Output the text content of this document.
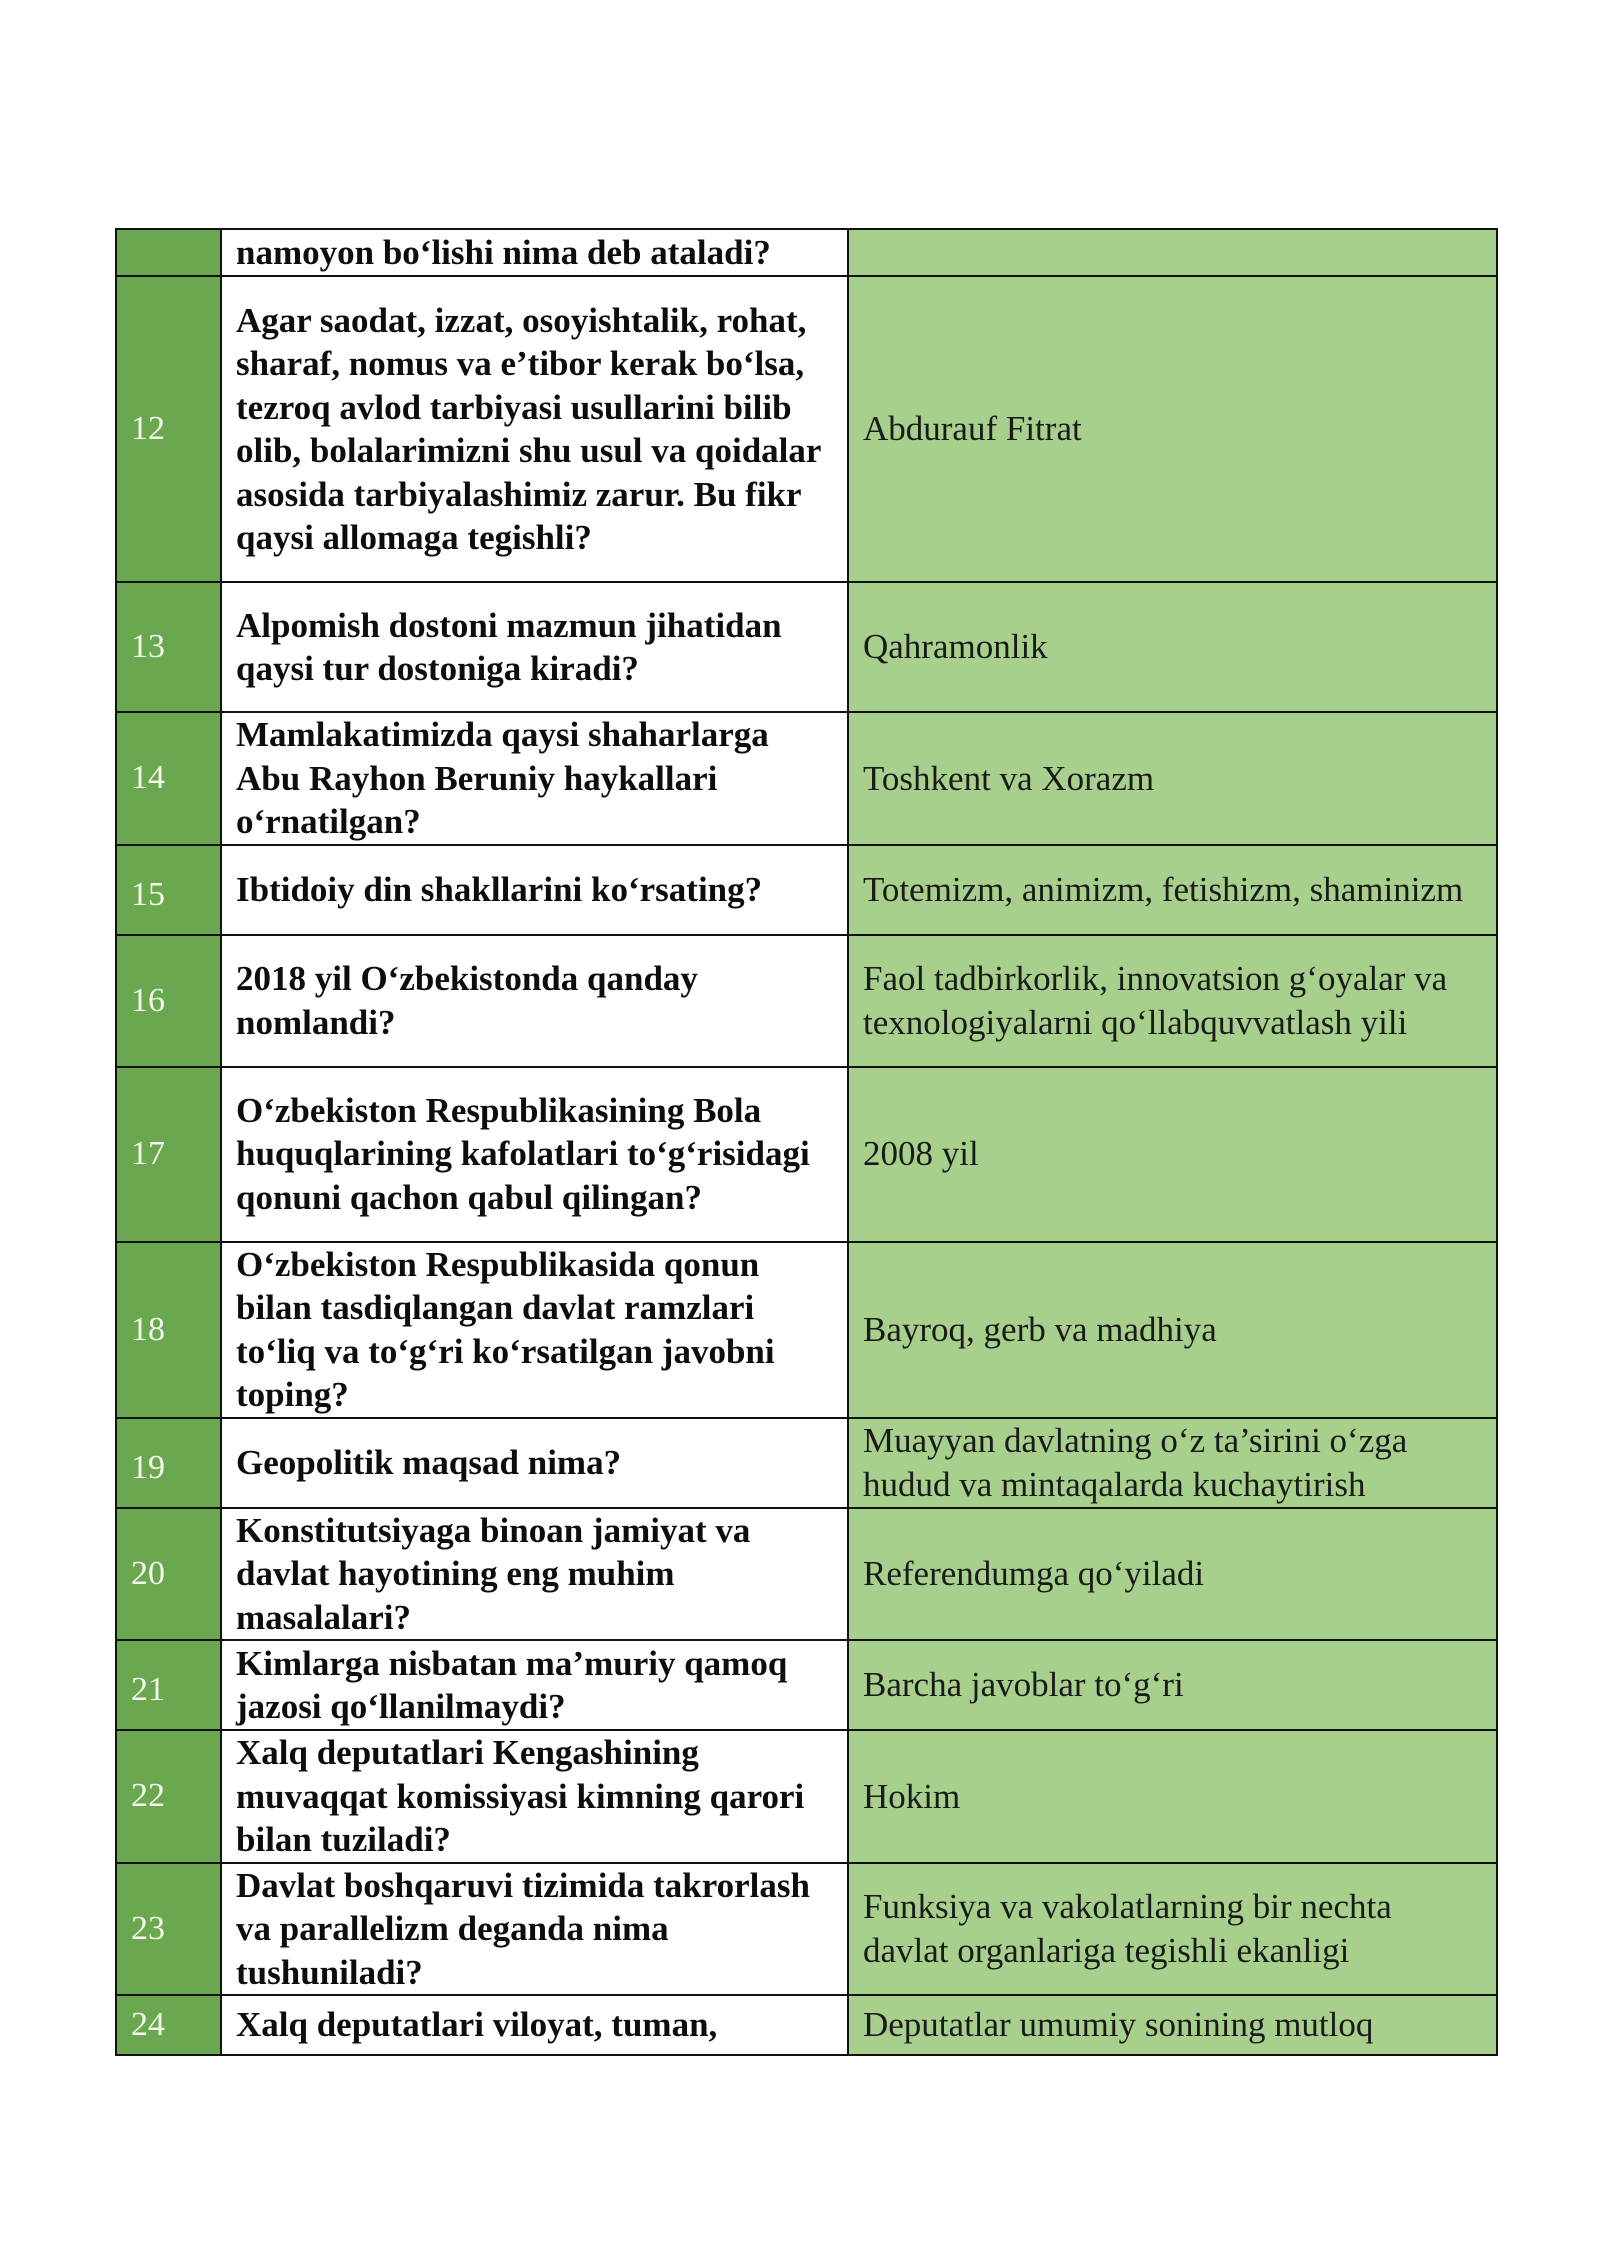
	namoyon bo‘lishi nima deb ataladi?	

12	Agar saodat, izzat, osoyishtalik, rohat, sharaf, nomus va e’tibor kerak bo‘lsa, tezroq avlod tarbiyasi usullarini bilib olib, bolalarimizni shu usul va qoidalar asosida tarbiyalashimiz zarur. Bu fikr qaysi allomaga tegishli?	Abdurauf Fitrat

13	Alpomish dostoni mazmun jihatidan qaysi tur dostoniga kiradi?	Qahramonlik

14	Mamlakatimizda qaysi shaharlarga Abu Rayhon Beruniy haykallari o‘rnatilgan?	Toshkent va Xorazm

15	Ibtidoiy din shakllarini ko‘rsating?	Totemizm, animizm, fetishizm, shaminizm

16	2018 yil O‘zbekistonda qanday nomlandi?	Faol tadbirkorlik, innovatsion g‘oyalar va texnologiyalarni qo‘llabquvvatlash yili

17	O‘zbekiston Respublikasining Bola huquqlarining kafolatlari to‘g‘risidagi qonuni qachon qabul qilingan?	2008 yil

18	O‘zbekiston Respublikasida qonun bilan tasdiqlangan davlat ramzlari to‘liq va to‘g‘ri ko‘rsatilgan javobni toping?	Bayroq, gerb va madhiya

19	Geopolitik maqsad nima?	Muayyan davlatning o‘z ta’sirini o‘zga hudud va mintaqalarda kuchaytirish

20	Konstitutsiyaga binoan jamiyat va davlat hayotining eng muhim masalalari?	Referendumga qo‘yiladi

21	Kimlarga nisbatan ma’muriy qamoq jazosi qo‘llanilmaydi?	Barcha javoblar to‘g‘ri

22	Xalq deputatlari Kengashining muvaqqat komissiyasi kimning qarori bilan tuziladi?	Hokim

23	Davlat boshqaruvi tizimida takrorlash va parallelizm deganda nima tushuniladi?	Funksiya va vakolatlarning bir nechta davlat organlariga tegishli ekanligi

24	Xalq deputatlari viloyat, tuman,	Deputatlar umumiy sonining mutloq
